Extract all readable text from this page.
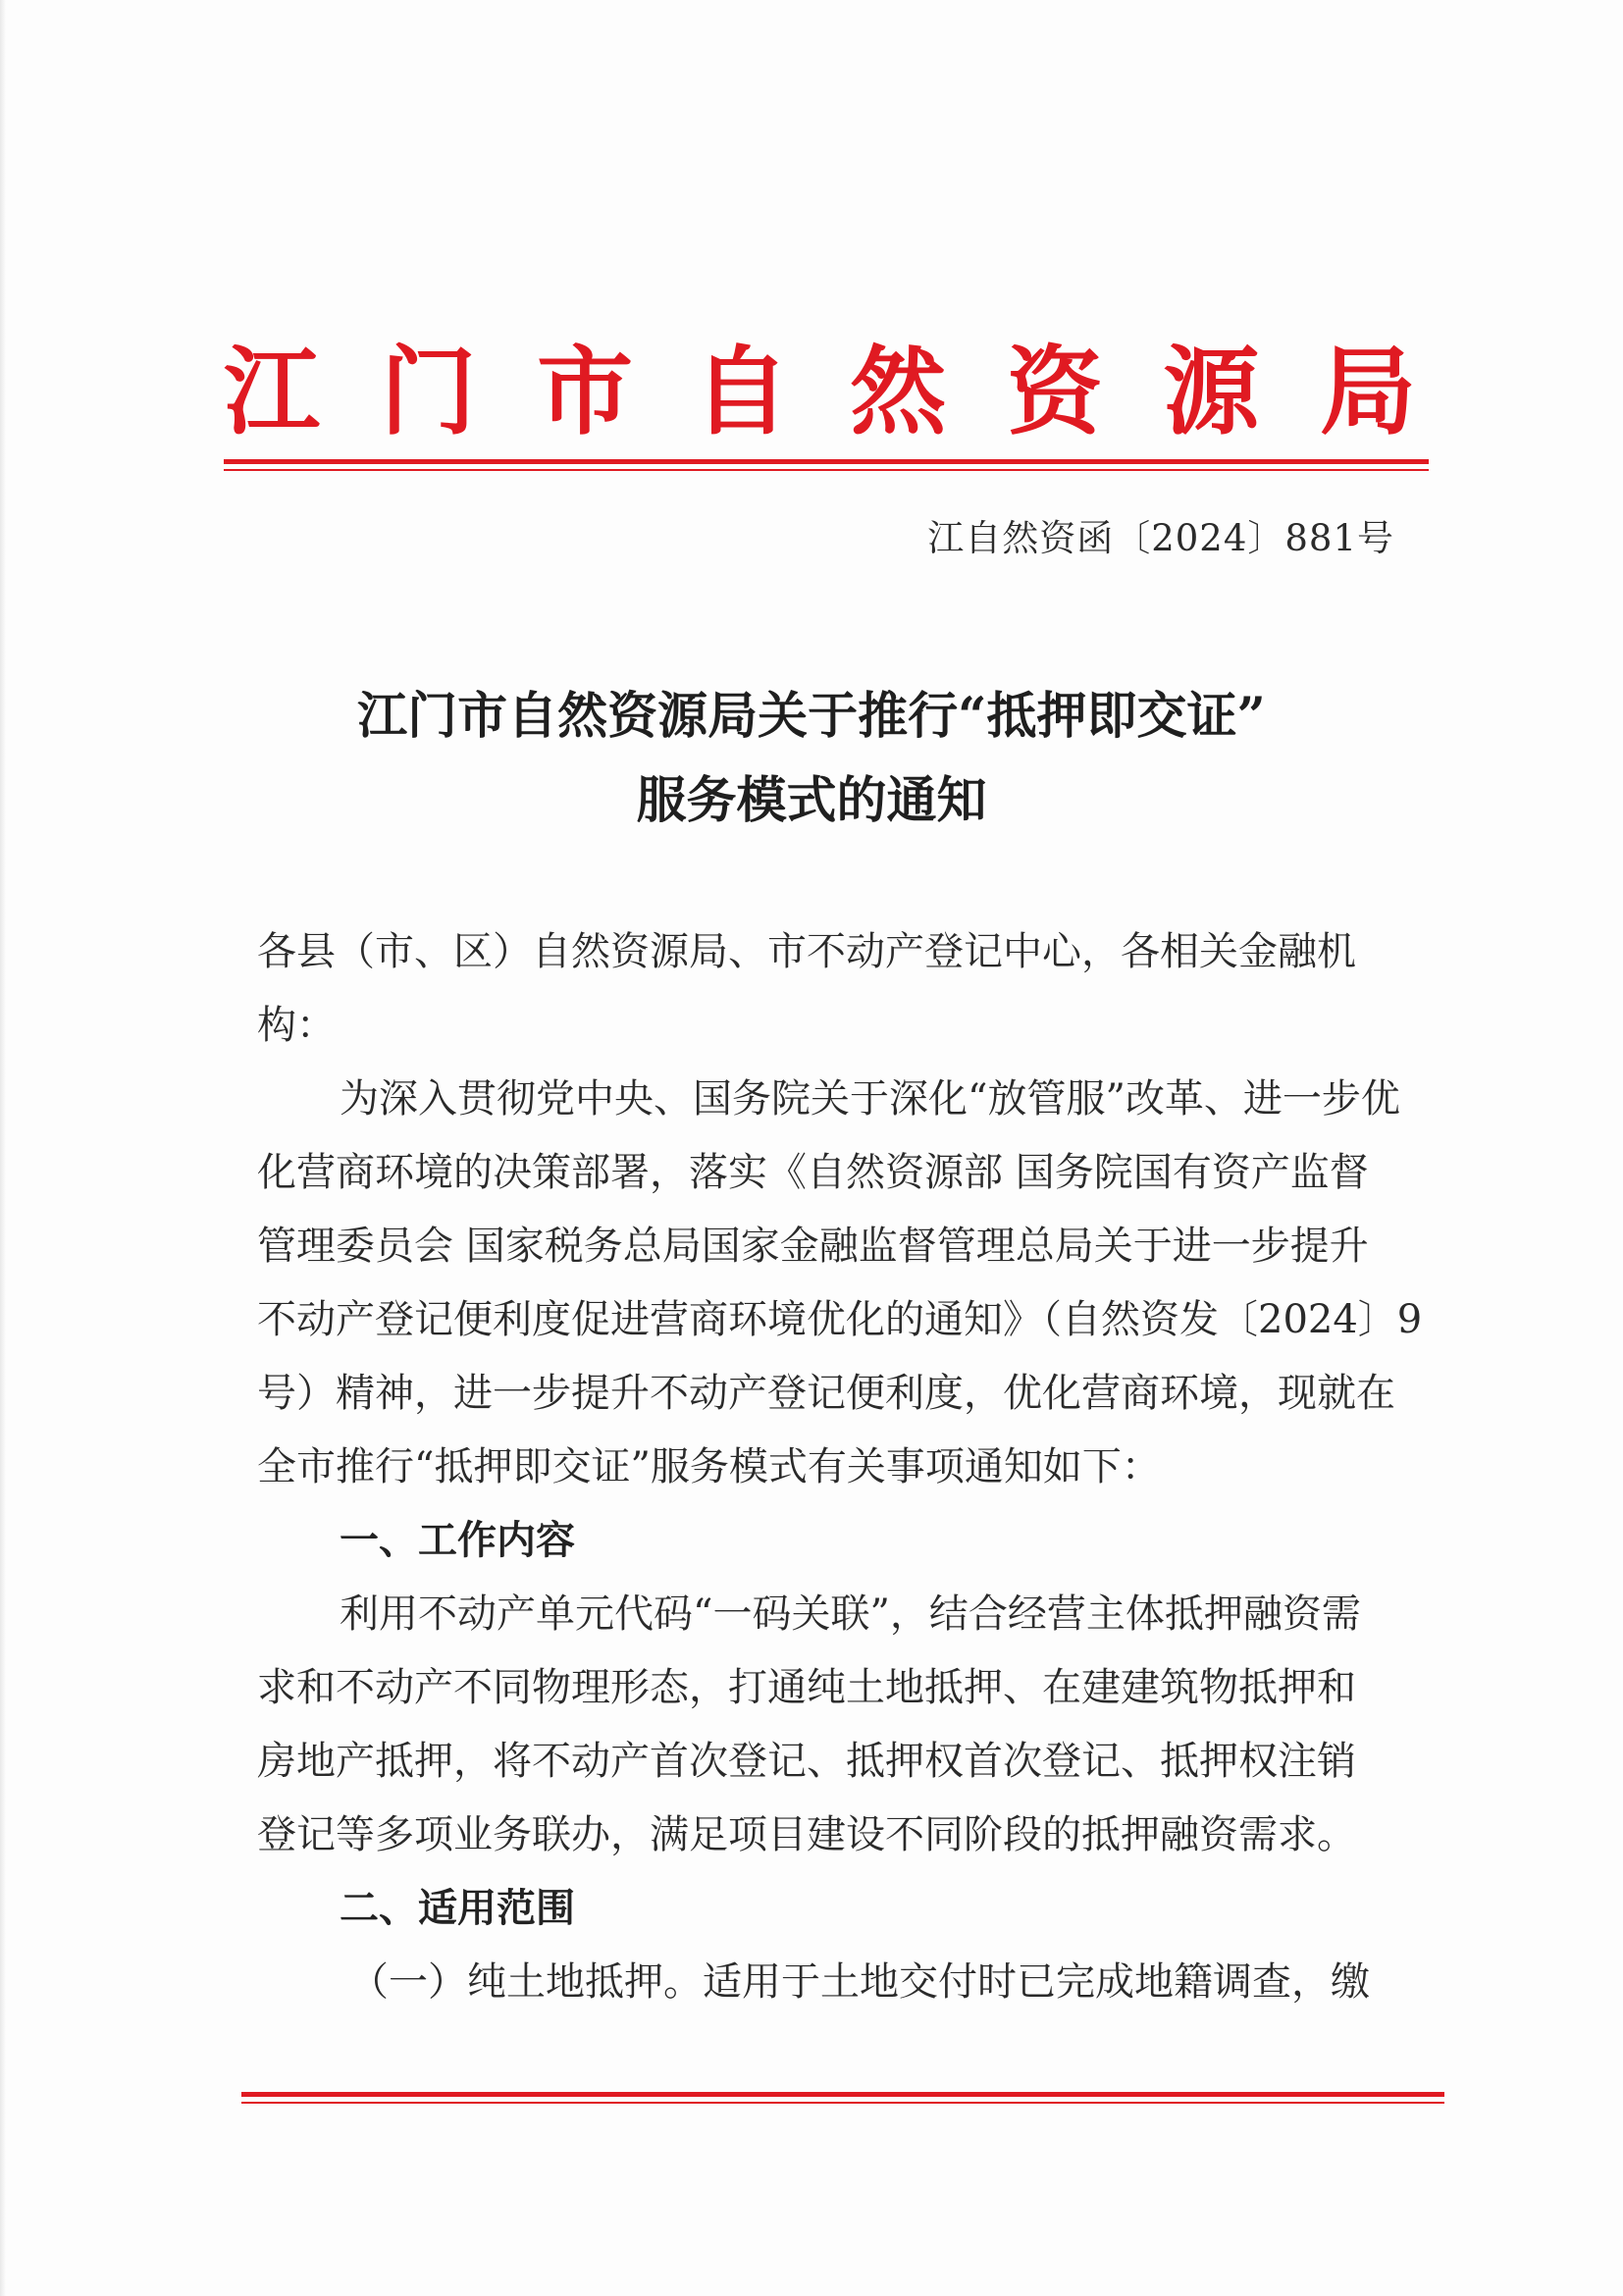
江 门 市 自 然 资 源 局
江自然资函〔2024〕881号
江门市自然资源局关于推行“抵押即交证”
服务模式的通知
各县（市、区）自然资源局、市不动产登记中心，各相关金融机
构：
为深入贯彻党中央、国务院关于深化“放管服”改革、进一步优
化营商环境的决策部署，落实《自然资源部 国务院国有资产监督
管理委员会 国家税务总局国家金融监督管理总局关于进一步提升
不动产登记便利度促进营商环境优化的通知》（自然资发〔2024〕9
号）精神，进一步提升不动产登记便利度，优化营商环境，现就在
全市推行“抵押即交证”服务模式有关事项通知如下：
一、工作内容
利用不动产单元代码“一码关联”，结合经营主体抵押融资需
求和不动产不同物理形态，打通纯土地抵押、在建建筑物抵押和
房地产抵押，将不动产首次登记、抵押权首次登记、抵押权注销
登记等多项业务联办，满足项目建设不同阶段的抵押融资需求。
二、适用范围
（一）纯土地抵押。适用于土地交付时已完成地籍调查，缴
